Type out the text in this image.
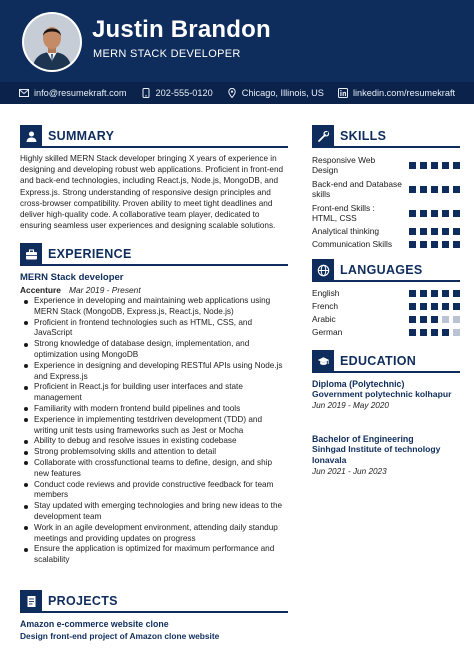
Justin Brandon
MERN STACK DEVELOPER
info@resumekraft.com	202-555-0120	Chicago, Illinois, US	linkedin.com/resumekraft
SUMMARY
Highly skilled MERN Stack developer bringing X years of experience in designing and developing robust web applications. Proficient in front-end and back-end technologies, including React.js, Node.js, MongoDB, and Express.js. Strong understanding of responsive design principles and cross-browser compatibility. Proven ability to meet tight deadlines and deliver high-quality code. A collaborative team player, dedicated to ensuring seamless user experiences and designing scalable solutions.
EXPERIENCE
MERN Stack developer
Accenture Mar 2019 - Present
Experience in developing and maintaining web applications using MERN Stack (MongoDB, Express.js, React.js, Node.js)
Proficient in frontend technologies such as HTML, CSS, and JavaScript
Strong knowledge of database design, implementation, and optimization using MongoDB
Experience in designing and developing RESTful APIs using Node.js and Express.js
Proficient in React.js for building user interfaces and state management
Familiarity with modern frontend build pipelines and tools
Experience in implementing testdriven development (TDD) and writing unit tests using frameworks such as Jest or Mocha
Ability to debug and resolve issues in existing codebase
Strong problemsolving skills and attention to detail
Collaborate with crossfunctional teams to define, design, and ship new features
Conduct code reviews and provide constructive feedback for team members
Stay updated with emerging technologies and bring new ideas to the development team
Work in an agile development environment, attending daily standup meetings and providing updates on progress
Ensure the application is optimized for maximum performance and scalability
PROJECTS
Amazon e-commerce website clone
Design front-end project of Amazon clone website
SKILLS
Responsive Web Design
Back-end and Database skills
Front-end Skills : HTML, CSS
Analytical thinking
Communication Skills
LANGUAGES
English
French
Arabic
German
EDUCATION
Diploma (Polytechnic)
Government polytechnic kolhapur
Jun 2019 - May 2020
Bachelor of Engineering
Sinhgad Institute of technology lonavala
Jun 2021 - Jun 2023
